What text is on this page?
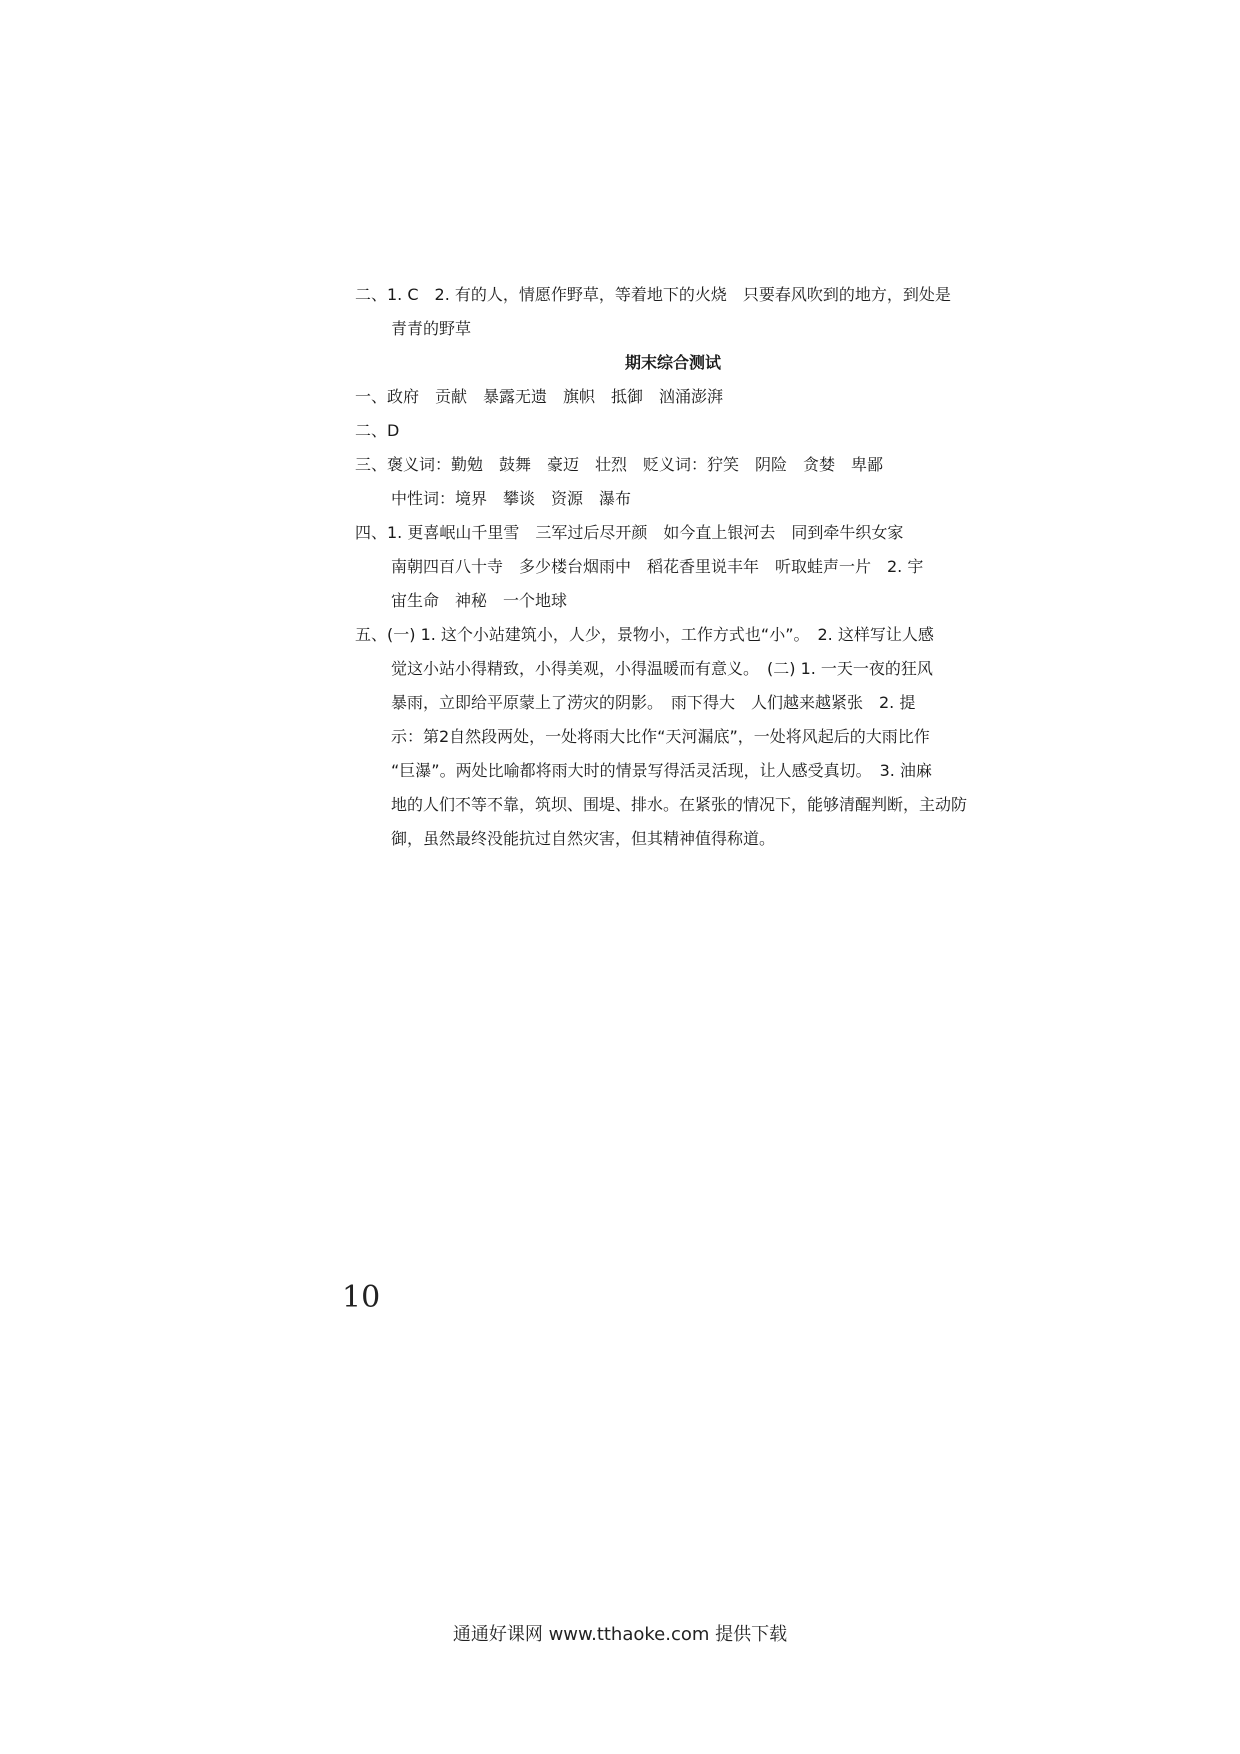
二、1. C　2. 有的人，情愿作野草，等着地下的火烧　只要春风吹到的地方，到处是
青青的野草
期末综合测试
一、政府　贡献　暴露无遗　旗帜　抵御　汹涌澎湃
二、D
三、褒义词：勤勉　鼓舞　豪迈　壮烈　贬义词：狞笑　阴险　贪婪　卑鄙
中性词：境界　攀谈　资源　瀑布
四、1. 更喜岷山千里雪　三军过后尽开颜　如今直上银河去　同到牵牛织女家
南朝四百八十寺　多少楼台烟雨中　稻花香里说丰年　听取蛙声一片　2. 宇
宙生命　神秘　一个地球
五、(一) 1. 这个小站建筑小，人少，景物小，工作方式也“小”。　2. 这样写让人感
觉这小站小得精致，小得美观，小得温暖而有意义。　(二) 1. 一天一夜的狂风
暴雨，立即给平原蒙上了涝灾的阴影。　雨下得大　人们越来越紧张　2. 提
示：第2自然段两处，一处将雨大比作“天河漏底”，一处将风起后的大雨比作
“巨瀑”。两处比喻都将雨大时的情景写得活灵活现，让人感受真切。　3. 油麻
地的人们不等不靠，筑坝、围堤、排水。在紧张的情况下，能够清醒判断，主动防
御，虽然最终没能抗过自然灾害，但其精神值得称道。
10
通通好课网 www.tthaoke.com 提供下载
